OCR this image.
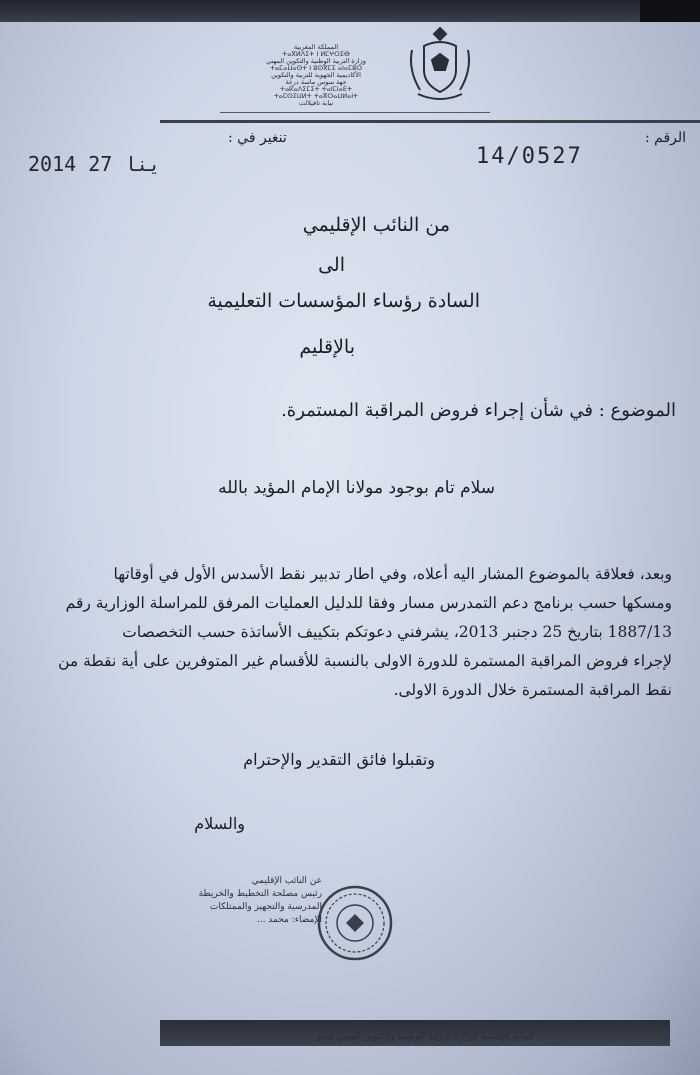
المملكة المغربية
ⵜⴰⴳⵍⴷⵉⵜ ⵏ ⵍⵎⵖⵔⵉⴱ
وزارة التربية الوطنية والتكوين المهني
ⵜⴰⵎⴰⵡⴰⵙⵜ ⵏ ⵓⵙⴳⵎⵉ ⴰⵏⴰⵎⵓⵔ
الأكاديمية الجهوية للتربية والتكوين
جهة سوس ماسة درعة
ⵜⴰⴽⴰⴷⵉⵎⵉⵜ ⵜⴰⵏⵎⵏⴰⴹⵜ
ⵜⴰⵎⵙⵉⵡⵍⵜ ⵜⴰⴳⵔⴰⵡⵍⴰⵏⵜ
نيابة تافيلالت
الرقم :
تنغير في :
2014 ينا 27	14/0527
من النائب الإقليمي
الى
السادة رؤساء المؤسسات التعليمية
بالإقليم
الموضوع : في شأن إجراء فروض المراقبة المستمرة.
سلام تام بوجود مولانا الإمام المؤيد بالله
وبعد، فعلاقة بالموضوع المشار اليه أعلاه، وفي اطار تدبير نقط الأسدس الأول في أوقاتها
ومسكها حسب برنامج دعم التمدرس مسار وفقا للدليل العمليات المرفق للمراسلة الوزارية رقم
1887/13 بتاريخ 25 دجنبر 2013، يشرفني دعوتكم بتكييف الأساتذة حسب التخصصات
لإجراء فروض المراقبة المستمرة للدورة الاولى بالنسبة للأقسام غير المتوفرين على أية نقطة من
نقط المراقبة المستمرة خلال الدورة الاولى.
وتقبلوا فائق التقدير والإحترام
والسلام
عن النائب الإقليمي
رئيس مصلحة التخطيط والخريطة
المدرسية والتجهيز والممتلكات
الإمضاء: محمد ...
النيابة الإقليمية لوزارة التربية الوطنية والتكوين المهني تنغير
